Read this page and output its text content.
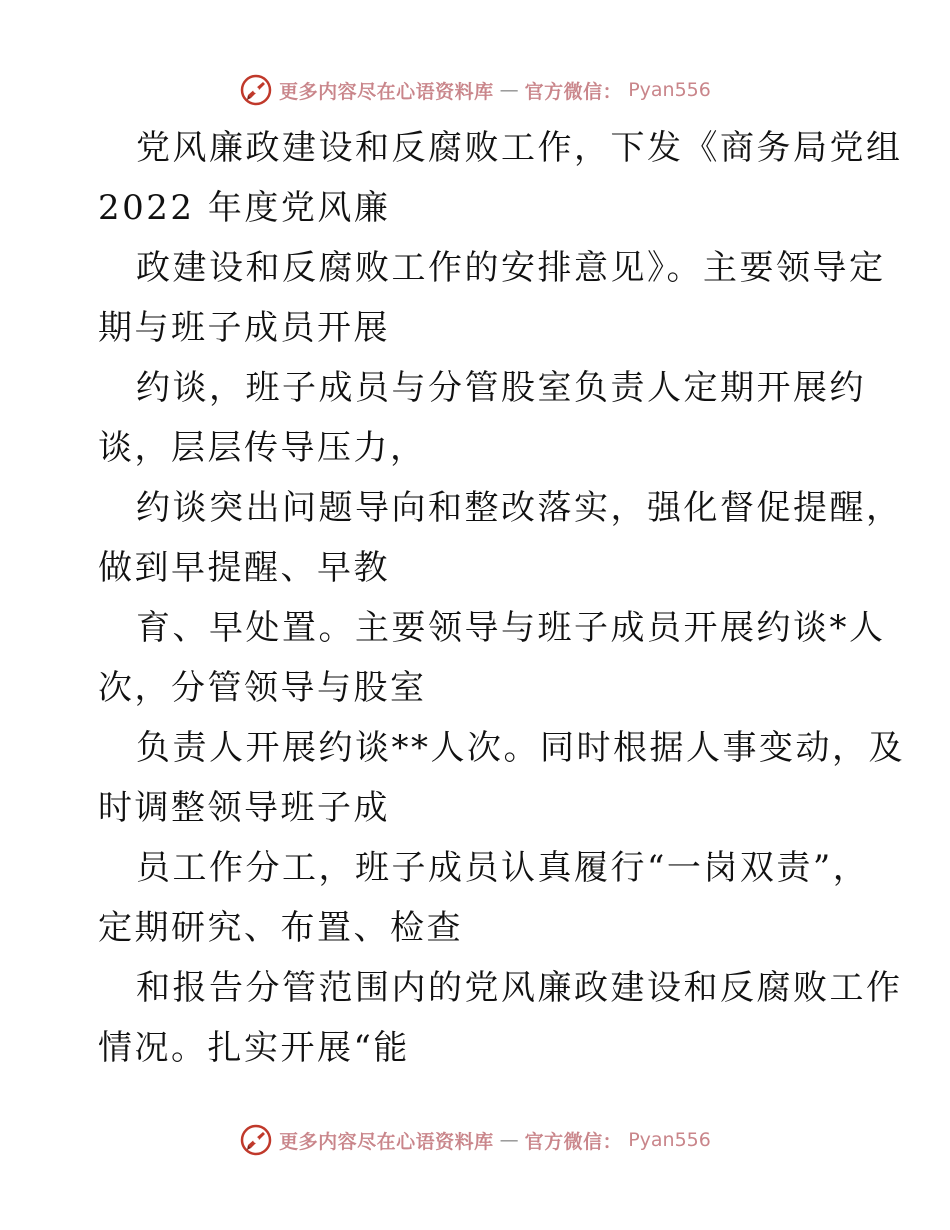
更多内容尽在心语资料库 — 官方微信： Pyan556
党风廉政建设和反腐败工作，下发《商务局党组
2022 年度党风廉
政建设和反腐败工作的安排意见》。主要领导定
期与班子成员开展
约谈，班子成员与分管股室负责人定期开展约
谈，层层传导压力，
约谈突出问题导向和整改落实，强化督促提醒，
做到早提醒、早教
育、早处置。主要领导与班子成员开展约谈*人
次，分管领导与股室
负责人开展约谈**人次。同时根据人事变动，及
时调整领导班子成
员工作分工，班子成员认真履行“一岗双责”，
定期研究、布置、检查
和报告分管范围内的党风廉政建设和反腐败工作
情况。扎实开展“能
更多内容尽在心语资料库 — 官方微信： Pyan556
